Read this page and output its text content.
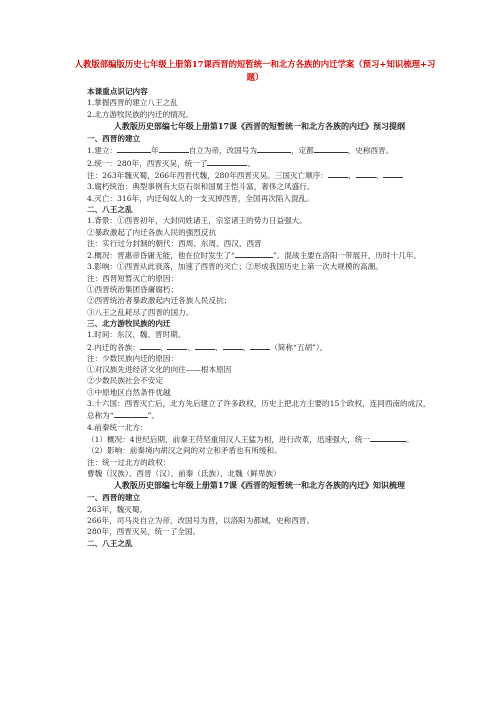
人教版部编版历史七年级上册第17课西晋的短暂统一和北方各族的内迁学案（预习+知识梳理+习题）

本课重点识记内容

1.掌握西晋的建立八王之乱

2.北方游牧民族的内迁的情况。

人教版历史部编七年级上册第17课《西晋的短暂统一和北方各族的内迁》预习提纲

一、西晋的建立

1.建立：	年	自立为帝，改国号为	，定都	，史称西晋。

2.统一：280年，西晋灭吴，统一了	。

注：263年魏灭蜀，266年西晋代魏，280年西晋灭吴。三国灭亡顺序：	、	、

3.腐朽统治：典型事例有大臣石崇和国舅王恺斗富，奢侈之风盛行。

4.灭亡：316年，内迁匈奴人的一支灭掉西晋，全国再次陷入混乱。

二、八王之乱

1.背景：①西晋初年，大封同姓诸王，宗室诸王的势力日益强大。

②暴政激起了内迁各族人民的强烈反抗

注：实行过分封制的朝代：西周、东周、西汉、西晋

2.概况：晋惠帝昏庸无能，他在位时发生了“	”。混战主要在洛阳一带展开，历时十几年。

3.影响：①西晋从此衰落，加速了西晋的灭亡；②形成我国历史上第一次大规模的高潮。

注：西晋短暂灭亡的原因：

①西晋统治集团昏庸腐朽；

②西晋统治者暴政激起内迁各族人民反抗；

③八王之乱耗尽了西晋的国力。

三、北方游牧民族的内迁

1.时间：东汉、魏、晋时期。

2.内迁的各族：	、	、	、	、	（简称“五胡”）。

注：少数民族内迁的原因：

①对汉族先进经济文化的向往——根本原因

②少数民族社会不安定

③中原地区自然条件优越

3.十六国：西晋灭亡后，北方先后建立了许多政权，历史上把北方主要的15个政权，连同西南的成汉，总称为“	”。

4.前秦统一北方：

（1）概况：4世纪后期，前秦王苻坚重用汉人王猛为相，进行改革，迅速强大，统一	。

（2）影响：前秦境内胡汉之间的对立和矛盾也有所缓和。

注：统一过北方的政权：

曹魏（汉族）、西晋（汉）、前秦（氐族）、北魏（鲜卑族）

人教版历史部编七年级上册第17课《西晋的短暂统一和北方各族的内迁》知识梳理

一、西晋的建立

263年，魏灭蜀。

266年，司马炎自立为帝，改国号为晋，以洛阳为都城，史称西晋。

280年，西晋灭吴，统一了全国。

二、八王之乱
